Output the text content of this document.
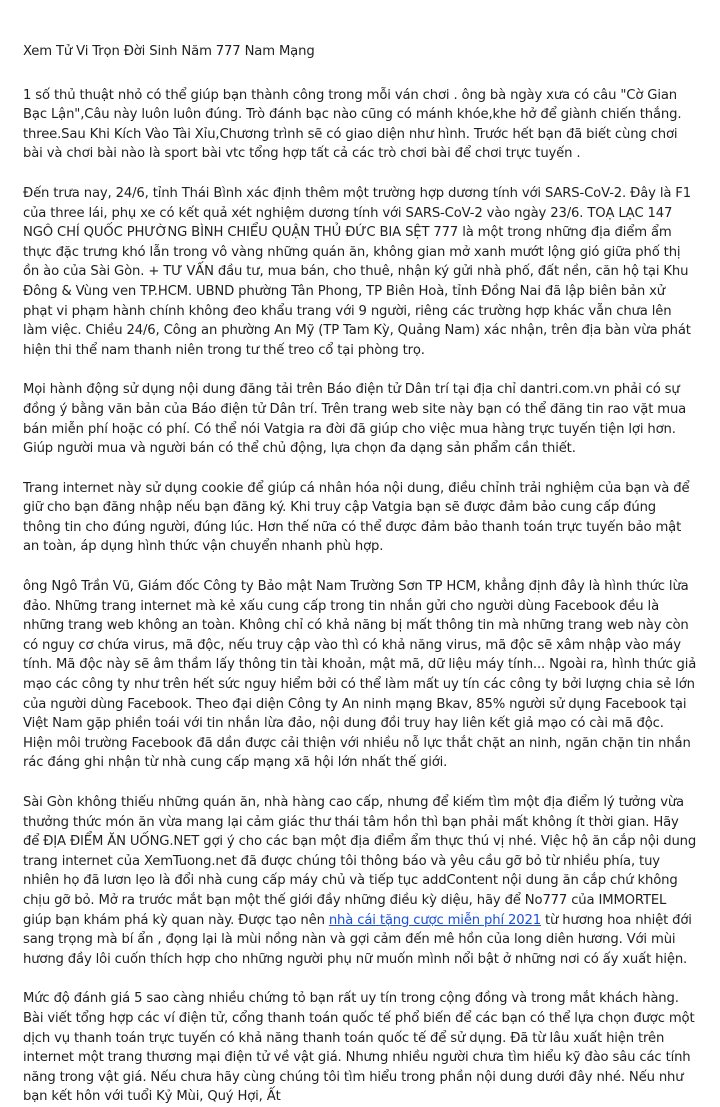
Xem Tử Vi Trọn Đời Sinh Năm 777 Nam Mạng

1 số thủ thuật nhỏ có thể giúp bạn thành công trong mỗi ván chơi . ông bà ngày xưa có câu "Cờ Gian Bạc Lận",Câu này luôn luôn đúng. Trò đánh bạc nào cũng có mánh khóe,khe hở để giành chiến thắng. three.Sau Khi Kích Vào Tài Xỉu,Chương trình sẽ có giao diện như hình. Trước hết bạn đã biết cùng chơi bài và chơi bài nào là sport bài vtc tổng hợp tất cả các trò chơi bài để chơi trực tuyến .

Đến trưa nay, 24/6, tỉnh Thái Bình xác định thêm một trường hợp dương tính với SARS-CoV-2. Đây là F1 của three lái, phụ xe có kết quả xét nghiệm dương tính với SARS-CoV-2 vào ngày 23/6. TOẠ LẠC 147 NGÔ CHÍ QUỐC PHƯỜNG BÌNH CHIỂU QUẬN THỦ ĐỨC BIA SỆT 777 là một trong những địa điểm ẩm thực đặc trưng khó lẫn trong vô vàng những quán ăn, không gian mở xanh mướt lộng gió giữa phố thị ồn ào của Sài Gòn. + TƯ VẤN đầu tư, mua bán, cho thuê, nhận ký gửi nhà phố, đất nền, căn hộ tại Khu Đông & Vùng ven TP.HCM. UBND phường Tân Phong, TP Biên Hoà, tỉnh Đồng Nai đã lập biên bản xử phạt vi phạm hành chính không đeo khẩu trang với 9 người, riêng các trường hợp khác vẫn chưa lên làm việc. Chiều 24/6, Công an phường An Mỹ (TP Tam Kỳ, Quảng Nam) xác nhận, trên địa bàn vừa phát hiện thi thể nam thanh niên trong tư thế treo cổ tại phòng trọ.

Mọi hành động sử dụng nội dung đăng tải trên Báo điện tử Dân trí tại địa chỉ dantri.com.vn phải có sự đồng ý bằng văn bản của Báo điện tử Dân trí. Trên trang web site này bạn có thể đăng tin rao vặt mua bán miễn phí hoặc có phí. Có thể nói Vatgia ra đời đã giúp cho việc mua hàng trực tuyến tiện lợi hơn. Giúp người mua và người bán có thể chủ động, lựa chọn đa dạng sản phẩm cần thiết.

Trang internet này sử dụng cookie để giúp cá nhân hóa nội dung, điều chỉnh trải nghiệm của bạn và để giữ cho bạn đăng nhập nếu bạn đăng ký. Khi truy cập Vatgia bạn sẽ được đảm bảo cung cấp đúng thông tin cho đúng người, đúng lúc. Hơn thế nữa có thể được đảm bảo thanh toán trực tuyến bảo mật an toàn, áp dụng hình thức vận chuyển nhanh phù hợp.

ông Ngô Trần Vũ, Giám đốc Công ty Bảo mật Nam Trường Sơn TP HCM, khẳng định đây là hình thức lừa đảo. Những trang internet mà kẻ xấu cung cấp trong tin nhắn gửi cho người dùng Facebook đều là những trang web không an toàn. Không chỉ có khả năng bị mất thông tin mà những trang web này còn có nguy cơ chứa virus, mã độc, nếu truy cập vào thì có khả năng virus, mã độc sẽ xâm nhập vào máy tính. Mã độc này sẽ âm thầm lấy thông tin tài khoản, mật mã, dữ liệu máy tính... Ngoài ra, hình thức giả mạo các công ty như trên hết sức nguy hiểm bởi có thể làm mất uy tín các công ty bởi lượng chia sẻ lớn của người dùng Facebook. Theo đại diện Công ty An ninh mạng Bkav, 85% người sử dụng Facebook tại Việt Nam gặp phiền toái với tin nhắn lừa đảo, nội dung đồi truy hay liên kết giả mạo có cài mã độc. Hiện môi trường Facebook đã dần được cải thiện với nhiều nỗ lực thắt chặt an ninh, ngăn chặn tin nhắn rác đáng ghi nhận từ nhà cung cấp mạng xã hội lớn nhất thế giới.

Sài Gòn không thiếu những quán ăn, nhà hàng cao cấp, nhưng để kiếm tìm một địa điểm lý tưởng vừa thưởng thức món ăn vừa mang lại cảm giác thư thái tâm hồn thì bạn phải mất không ít thời gian. Hãy để ĐỊA ĐIỂM ĂN UỐNG.NET gợi ý cho các bạn một địa điểm ẩm thực thú vị nhé. Việc hộ ăn cắp nội dung trang internet của XemTuong.net đã được chúng tôi thông báo và yêu cầu gỡ bỏ từ nhiều phía, tuy nhiên họ đã lươn lẹo là đổi nhà cung cấp máy chủ và tiếp tục addContent nội dung ăn cắp chứ không chịu gỡ bỏ. Mở ra trước mắt bạn một thế giới đầy những điều kỳ diệu, hãy để No777 của IMMORTEL giúp bạn khám phá kỳ quan này. Được tạo nên nhà cái tặng cược miễn phí 2021 từ hương hoa nhiệt đới sang trọng mà bí ẩn , đọng lại là mùi nồng nàn và gợi cảm đến mê hồn của long diên hương. Với mùi hương đầy lôi cuốn thích hợp cho những người phụ nữ muốn mình nổi bật ở những nơi có ấy xuất hiện.

Mức độ đánh giá 5 sao càng nhiều chứng tỏ bạn rất uy tín trong cộng đồng và trong mắt khách hàng. Bài viết tổng hợp các ví điện tử, cổng thanh toán quốc tế phổ biến để các bạn có thể lựa chọn được một dịch vụ thanh toán trực tuyến có khả năng thanh toán quốc tế để sử dụng. Đã từ lâu xuất hiện trên internet một trang thương mại điện tử về vật giá. Nhưng nhiều người chưa tìm hiểu kỹ đào sâu các tính năng trong vật giá. Nếu chưa hãy cùng chúng tôi tìm hiểu trong phần nội dung dưới đây nhé. Nếu như bạn kết hôn với tuổi Kỷ Mùi, Quý Hợi, Ất
